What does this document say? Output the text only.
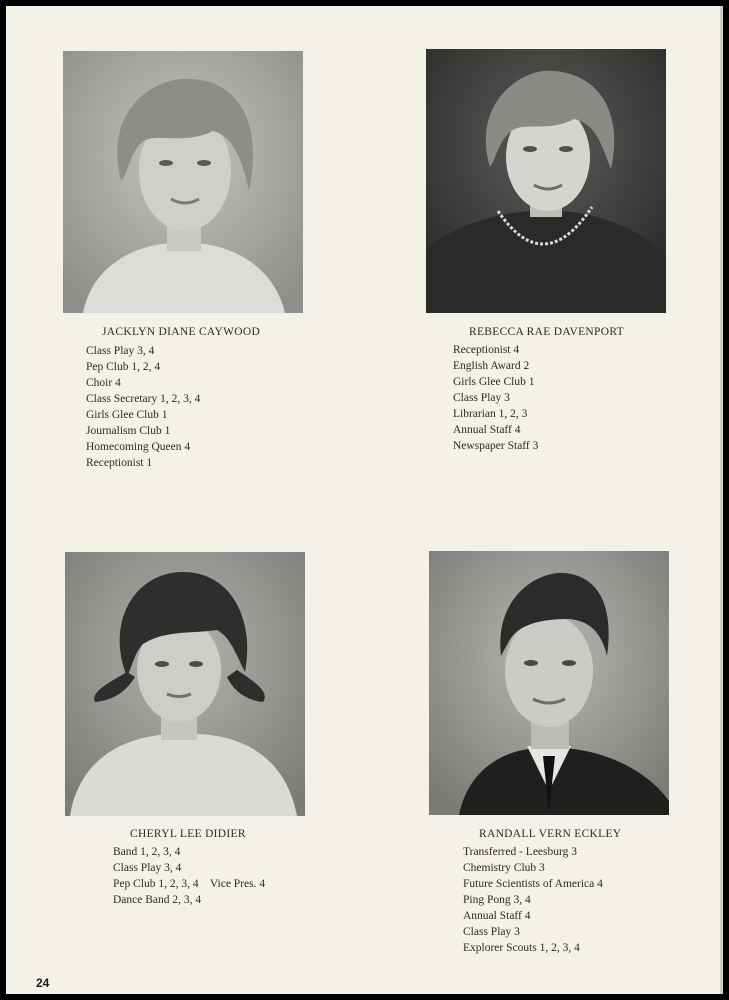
JACKLYN DIANE CAYWOOD
Class Play 3, 4
Pep Club 1, 2, 4
Choir 4
Class Secretary 1, 2, 3, 4
Girls Glee Club 1
Journalism Club 1
Homecoming Queen 4
Receptionist 1
REBECCA RAE DAVENPORT
Receptionist 4
English Award 2
Girls Glee Club 1
Class Play 3
Librarian 1, 2, 3
Annual Staff 4
Newspaper Staff 3
CHERYL LEE DIDIER
Band 1, 2, 3, 4
Class Play 3, 4
Pep Club 1, 2, 3, 4    Vice Pres. 4
Dance Band 2, 3, 4
RANDALL VERN ECKLEY
Transferred - Leesburg 3
Chemistry Club 3
Future Scientists of America 4
Ping Pong 3, 4
Annual Staff 4
Class Play 3
Explorer Scouts 1, 2, 3, 4
24
